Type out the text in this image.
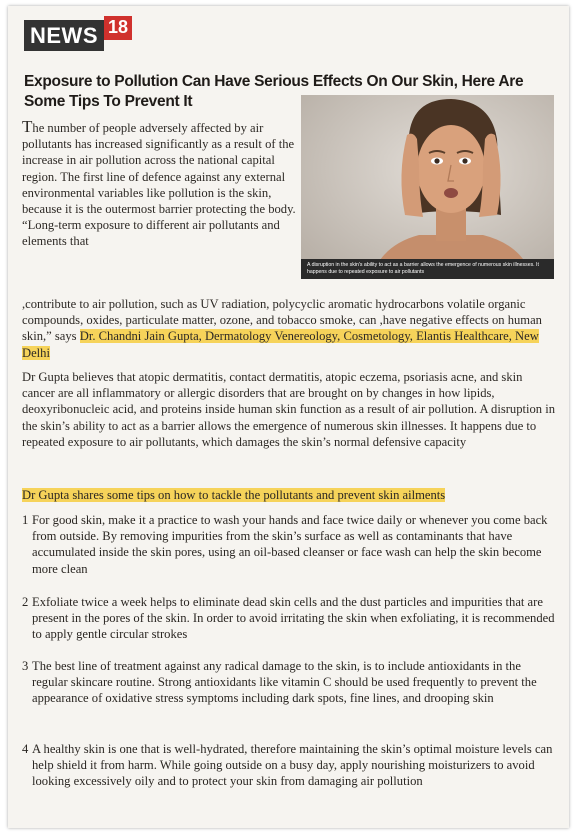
NEWS 18
Exposure to Pollution Can Have Serious Effects On Our Skin, Here Are Some Tips To Prevent It
A disruption in the skin's ability to act as a barrier allows the emergence of numerous skin illnesses. It happens due to repeated exposure to air pollutants
The number of people adversely affected by air pollutants has increased significantly as a result of the increase in air pollution across the national capital region. The first line of defence against any external environmental variables like pollution is the skin, because it is the outermost barrier protecting the body. “Long-term exposure to different air pollutants and elements that
,contribute to air pollution, such as UV radiation, polycyclic aromatic hydrocarbons volatile organic compounds, oxides, particulate matter, ozone, and tobacco smoke, can ,have negative effects on human skin,” says Dr. Chandni Jain Gupta, Dermatology Venereology, Cosmetology, Elantis Healthcare, New Delhi
Dr Gupta believes that atopic dermatitis, contact dermatitis, atopic eczema, psoriasis acne, and skin cancer are all inflammatory or allergic disorders that are brought on by changes in how lipids, deoxyribonucleic acid, and proteins inside human skin function as a result of air pollution. A disruption in the skin’s ability to act as a barrier allows the emergence of numerous skin illnesses. It happens due to repeated exposure to air pollutants, which damages the skin’s normal defensive capacity
Dr Gupta shares some tips on how to tackle the pollutants and prevent skin ailments
1 For good skin, make it a practice to wash your hands and face twice daily or whenever you come back from outside. By removing impurities from the skin’s surface as well as contaminants that have accumulated inside the skin pores, using an oil-based cleanser or face wash can help the skin become more clean
2 Exfoliate twice a week helps to eliminate dead skin cells and the dust particles and impurities that are present in the pores of the skin. In order to avoid irritating the skin when exfoliating, it is recommended to apply gentle circular strokes
3 The best line of treatment against any radical damage to the skin, is to include antioxidants in the regular skincare routine. Strong antioxidants like vitamin C should be used frequently to prevent the appearance of oxidative stress symptoms including dark spots, fine lines, and drooping skin
4 A healthy skin is one that is well-hydrated, therefore maintaining the skin’s optimal moisture levels can help shield it from harm. While going outside on a busy day, apply nourishing moisturizers to avoid looking excessively oily and to protect your skin from damaging air pollution
